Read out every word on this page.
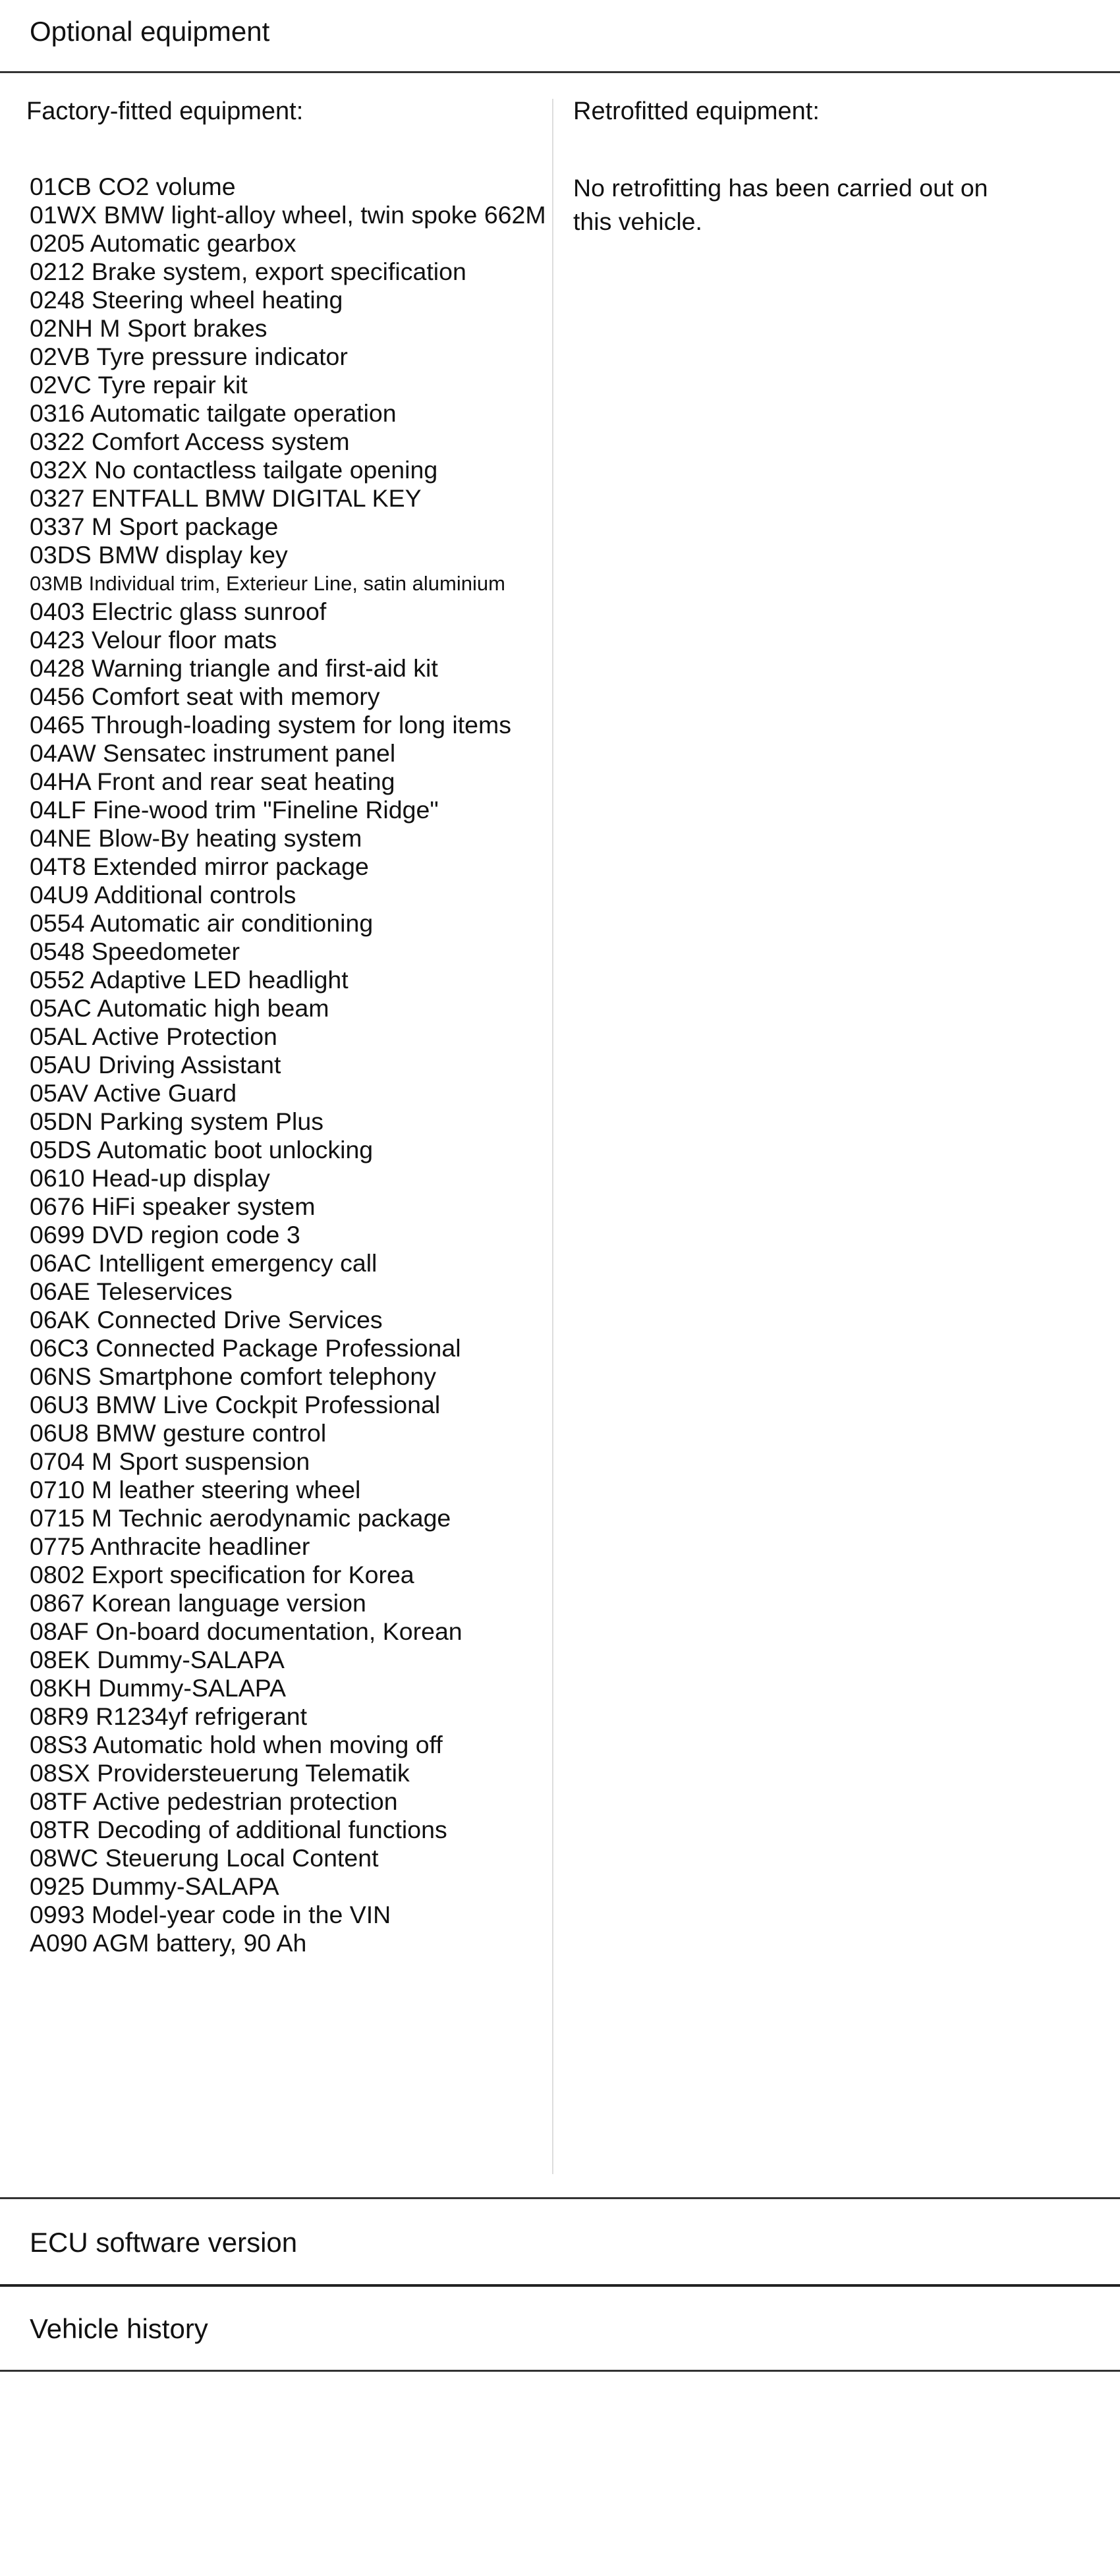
Optional equipment
Factory-fitted equipment:
01CB CO2 volume
01WX BMW light-alloy wheel, twin spoke 662M
0205 Automatic gearbox
0212 Brake system, export specification
0248 Steering wheel heating
02NH M Sport brakes
02VB Tyre pressure indicator
02VC Tyre repair kit
0316 Automatic tailgate operation
0322 Comfort Access system
032X No contactless tailgate opening
0327 ENTFALL BMW DIGITAL KEY
0337 M Sport package
03DS BMW display key
03MB Individual trim, Exterieur Line, satin aluminium
0403 Electric glass sunroof
0423 Velour floor mats
0428 Warning triangle and first-aid kit
0456 Comfort seat with memory
0465 Through-loading system for long items
04AW Sensatec instrument panel
04HA Front and rear seat heating
04LF Fine-wood trim "Fineline Ridge"
04NE Blow-By heating system
04T8 Extended mirror package
04U9 Additional controls
0554 Automatic air conditioning
0548 Speedometer
0552 Adaptive LED headlight
05AC Automatic high beam
05AL Active Protection
05AU Driving Assistant
05AV Active Guard
05DN Parking system Plus
05DS Automatic boot unlocking
0610 Head-up display
0676 HiFi speaker system
0699 DVD region code 3
06AC Intelligent emergency call
06AE Teleservices
06AK Connected Drive Services
06C3 Connected Package Professional
06NS Smartphone comfort telephony
06U3 BMW Live Cockpit Professional
06U8 BMW gesture control
0704 M Sport suspension
0710 M leather steering wheel
0715 M Technic aerodynamic package
0775 Anthracite headliner
0802 Export specification for Korea
0867 Korean language version
08AF On-board documentation, Korean
08EK Dummy-SALAPA
08KH Dummy-SALAPA
08R9 R1234yf refrigerant
08S3 Automatic hold when moving off
08SX Providersteuerung Telematik
08TF Active pedestrian protection
08TR Decoding of additional functions
08WC Steuerung Local Content
0925 Dummy-SALAPA
0993 Model-year code in the VIN
A090 AGM battery, 90 Ah
Retrofitted equipment:
No retrofitting has been carried out on this vehicle.
ECU software version
Vehicle history
